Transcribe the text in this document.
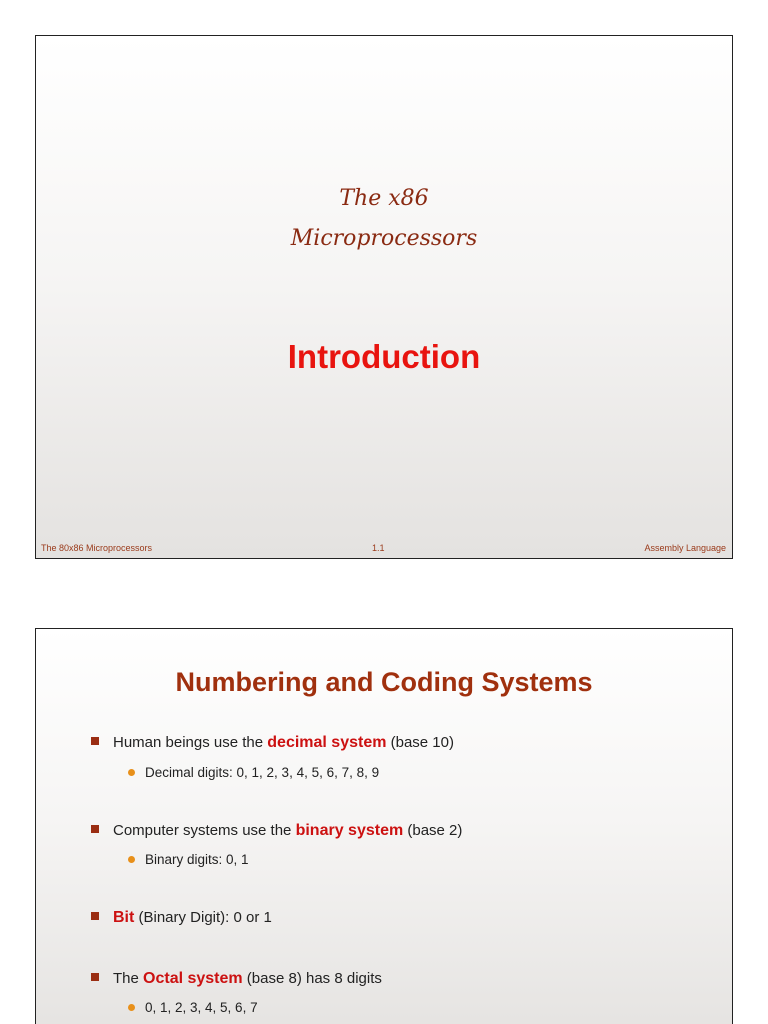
The x86
Microprocessors
Introduction
The 80x86 Microprocessors	1.1	Assembly Language
Numbering and Coding Systems
Human beings use the decimal system (base 10)
Decimal digits: 0, 1, 2, 3, 4, 5, 6, 7, 8, 9
Computer systems use the binary system (base 2)
Binary digits: 0, 1
Bit (Binary Digit): 0 or 1
The Octal system (base 8) has 8 digits
0, 1, 2, 3, 4, 5, 6, 7
